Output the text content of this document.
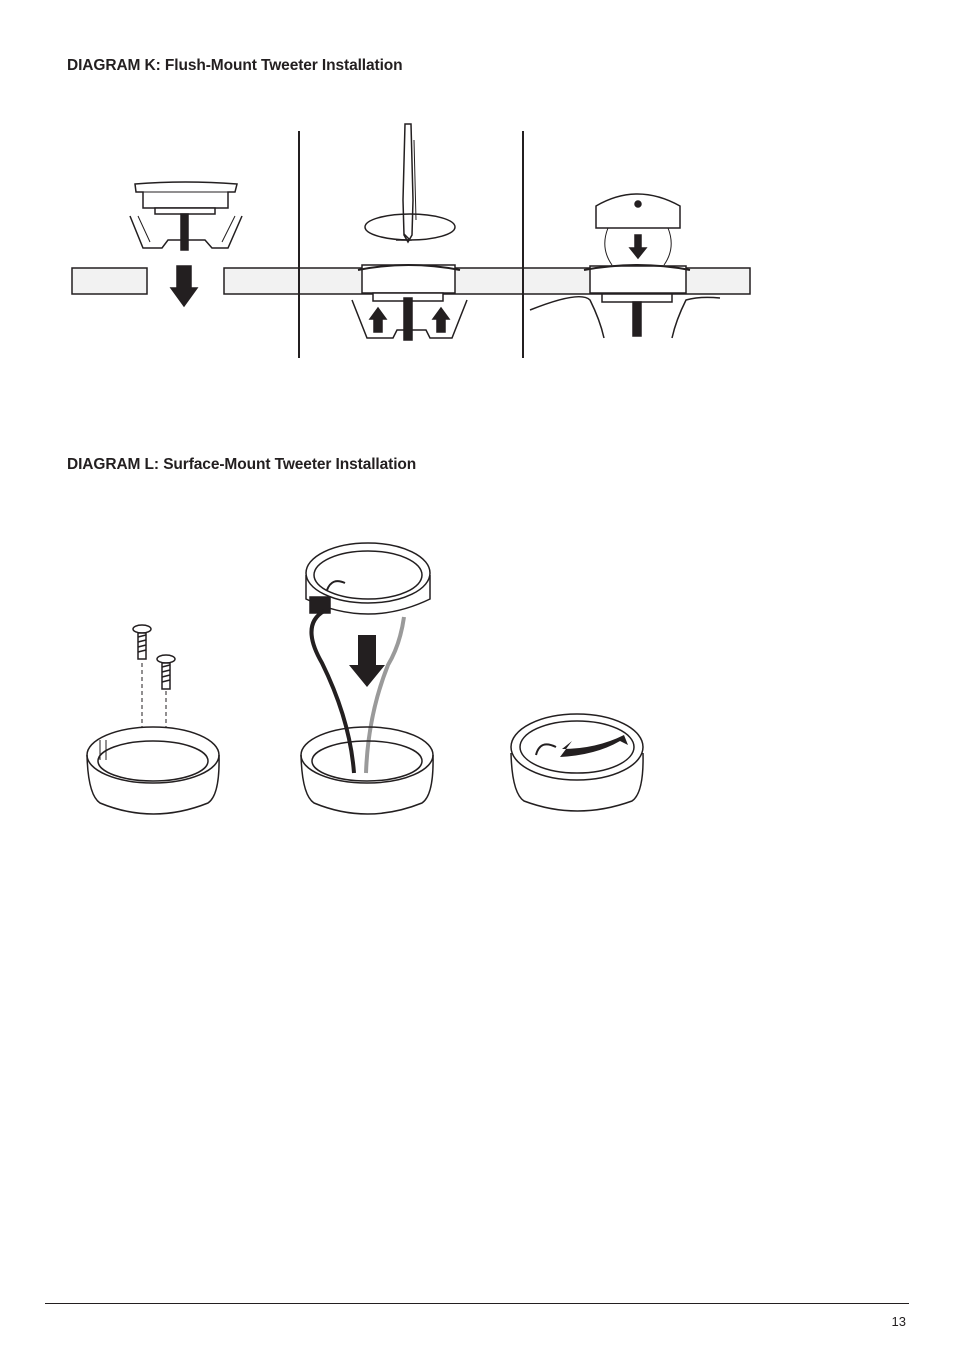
DIAGRAM K: Flush-Mount Tweeter Installation
DIAGRAM L: Surface-Mount Tweeter Installation
13
